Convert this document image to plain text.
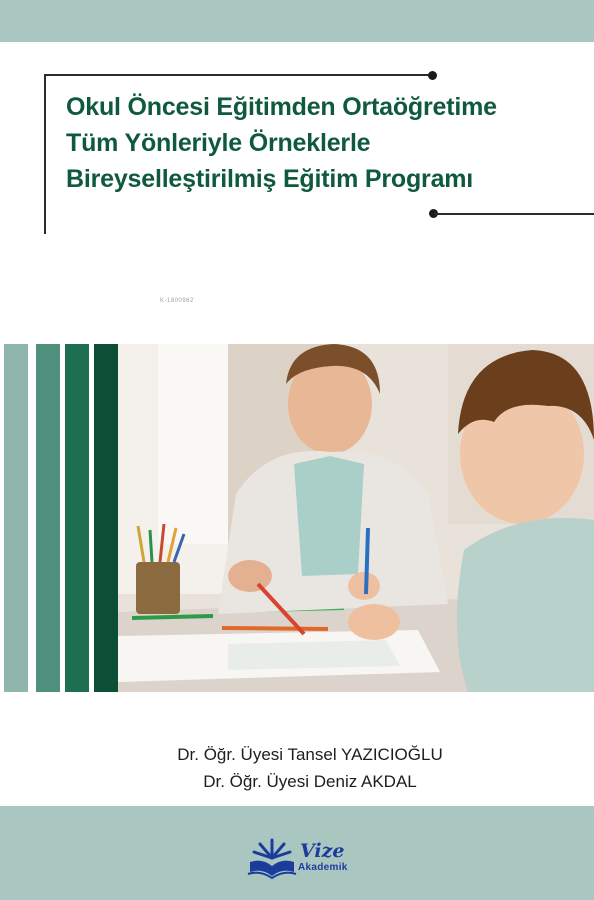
Okul Öncesi Eğitimden Ortaöğretime
Tüm Yönleriyle Örneklerle
Bireyselleştirilmiş Eğitim Programı
K-1800962
Dr. Öğr. Üyesi Tansel YAZICIOĞLU
Dr. Öğr. Üyesi Deniz AKDAL
Vize
Akademik
